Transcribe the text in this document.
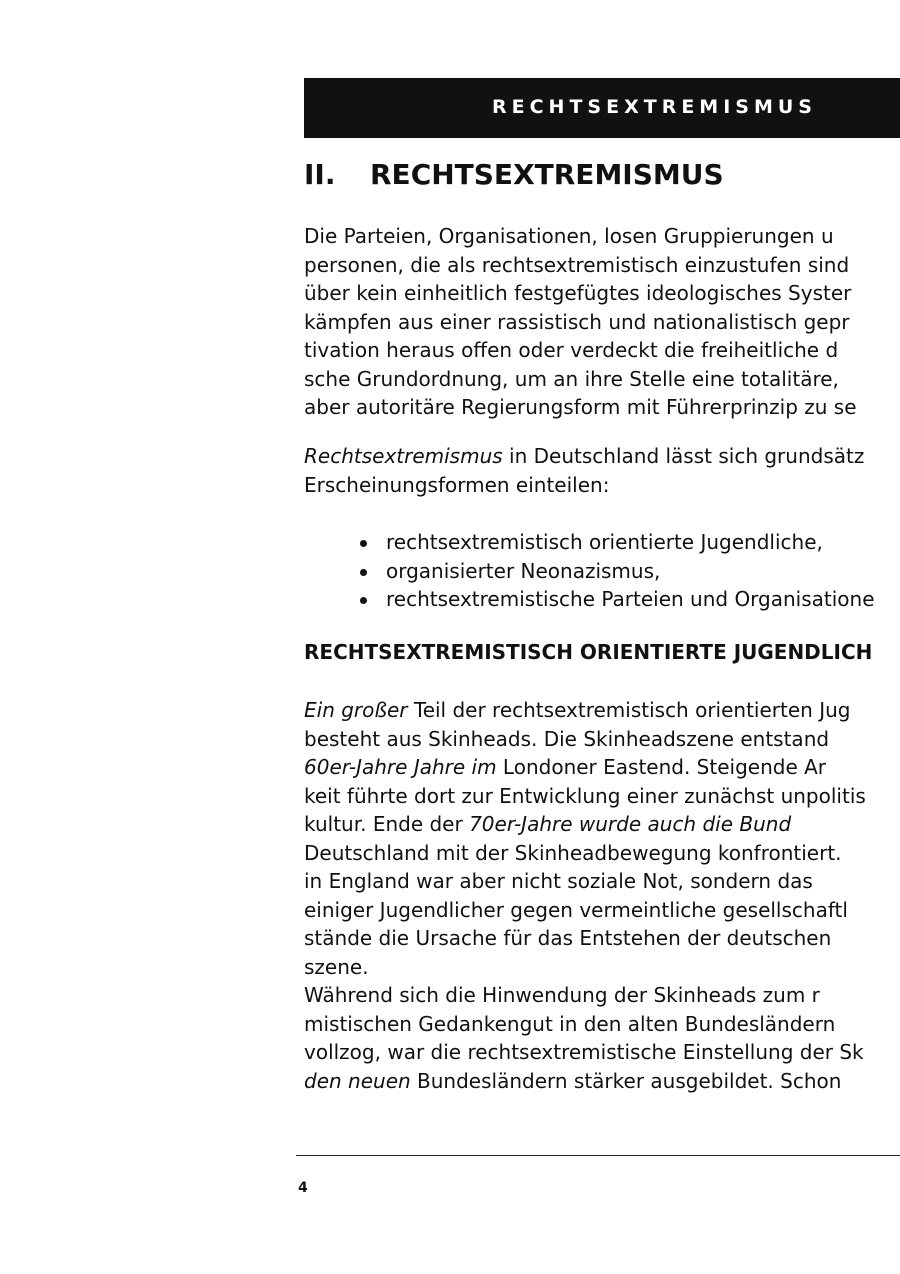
RECHTSEXTREMISMUS
II. RECHTSEXTREMISMUS

Die Parteien, Organisationen, losen Gruppierungen u
personen, die als rechtsextremistisch einzustufen sind
über kein einheitlich festgefügtes ideologisches Syster
kämpfen aus einer rassistisch und nationalistisch gepr
tivation heraus offen oder verdeckt die freiheitliche d
sche Grundordnung, um an ihre Stelle eine totalitäre,
aber autoritäre Regierungsform mit Führerprinzip zu se

Rechtsextremismus in Deutschland lässt sich grundsätz
Erscheinungsformen einteilen:

rechtsextremistisch orientierte Jugendliche,
organisierter Neonazismus,
rechtsextremistische Parteien und Organisatione
RECHTSEXTREMISTISCH ORIENTIERTE JUGENDLICH

Ein großer Teil der rechtsextremistisch orientierten Jug
besteht aus Skinheads. Die Skinheadszene entstand
60er-Jahre Jahre im Londoner Eastend. Steigende Ar
keit führte dort zur Entwicklung einer zunächst unpolitis
kultur. Ende der 70er-Jahre wurde auch die Bund
Deutschland mit der Skinheadbewegung konfrontiert.
in England war aber nicht soziale Not, sondern das
einiger Jugendlicher gegen vermeintliche gesellschaftl
stände die Ursache für das Entstehen der deutschen
szene.
Während sich die Hinwendung der Skinheads zum r
mistischen Gedankengut in den alten Bundesländern
vollzog, war die rechtsextremistische Einstellung der Sk
den neuen Bundesländern stärker ausgebildet. Schon

4
